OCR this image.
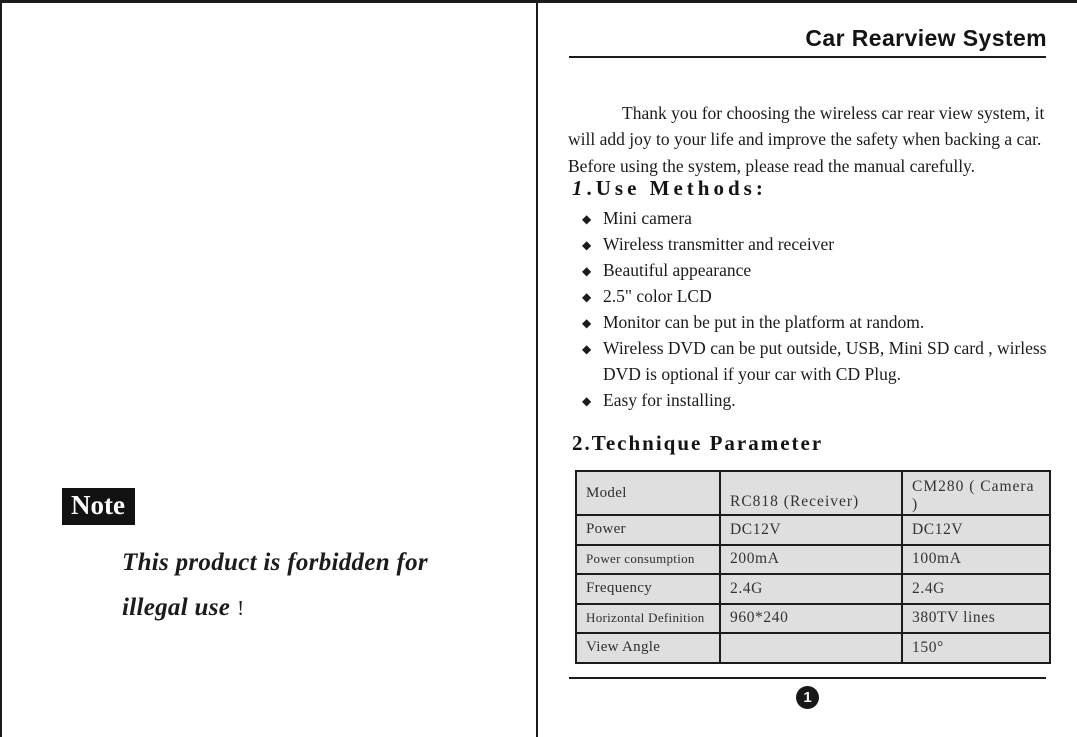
Note
This product is forbidden for
illegal use !
Car Rearview System

Thank you for choosing the wireless car rear view system, it will add joy to your life and improve the safety when backing a car. Before using the system, please read the manual carefully.

1.Use Methods:
◆ Mini camera
◆ Wireless transmitter and receiver
◆ Beautiful appearance
◆ 2.5" color LCD
◆ Monitor can be put in the platform at random.
◆ Wireless DVD can be put outside, USB, Mini SD card , wirless DVD is optional if your car with CD Plug.
◆ Easy for installing.
2.Technique Parameter
Model	RC818 (Receiver)	CM280 ( Camera )
Power	DC12V	DC12V
Power consumption	200mA	100mA
Frequency	2.4G	2.4G
Horizontal Definition	960*240	380TV lines
View Angle		150°
1
